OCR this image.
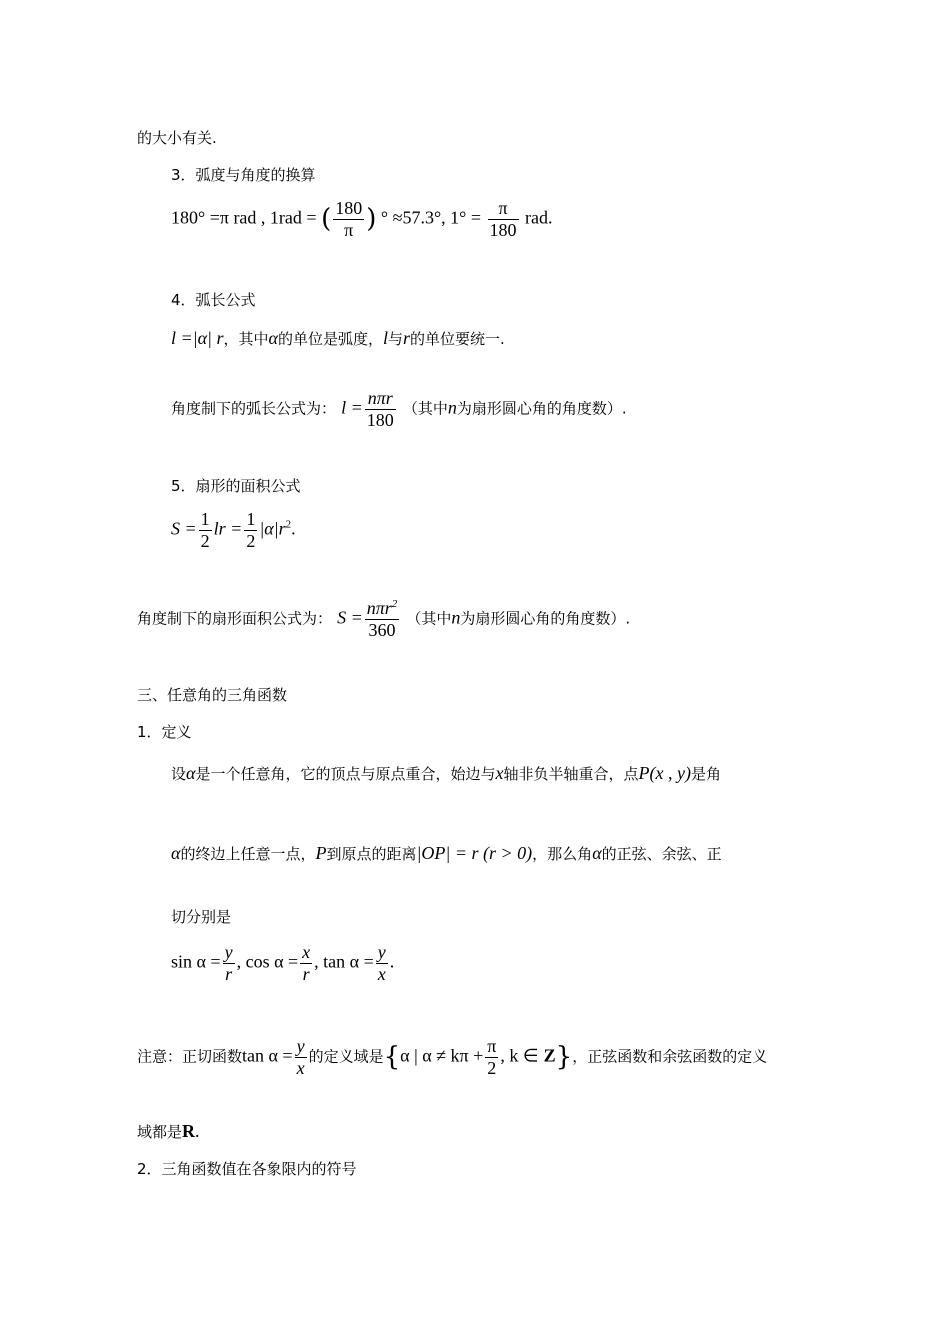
的大小有关.
3．弧度与角度的换算
180° =π rad , 1rad = ( $\frac{180}{\pi}$ ) ° ≈57.3°, $1^\circ = \frac{\pi}{180}$ rad.
4．弧长公式
l =|α| r，其中α的单位是弧度，l与r的单位要统一.
角度制下的弧长公式为： $l = \frac{\text{nπr}}{180}$ （其中n为扇形圆心角的角度数）.
5．扇形的面积公式
$S = \frac{1}{2}$ lr = $\frac{1}{2} |\alpha|r^2$.
角度制下的扇形面积公式为： $S = \frac{n\pi r^2}{360}$ （其中n为扇形圆心角的角度数）.
三、任意角的三角函数
1．定义
设α是一个任意角，它的顶点与原点重合，始边与x轴非负半轴重合，点P(x , y)是角
α的终边上任意一点，P到原点的距离|OP| = r (r > 0)，那么角α的正弦、余弦、正
切分别是
$\sin \alpha = \frac{y}{r}$ , $\cos \alpha = \frac{x}{r}$ , $\tan \alpha = \frac{y}{x}$ .
注意：正切函数$\tan \alpha = \frac{y}{x}$ 的定义域是{α | $\alpha \ne k\pi + \frac{\pi}{2}$ , k ∈ Z}，正弦函数和余弦函数的定义
域都是R.
2．三角函数值在各象限内的符号
